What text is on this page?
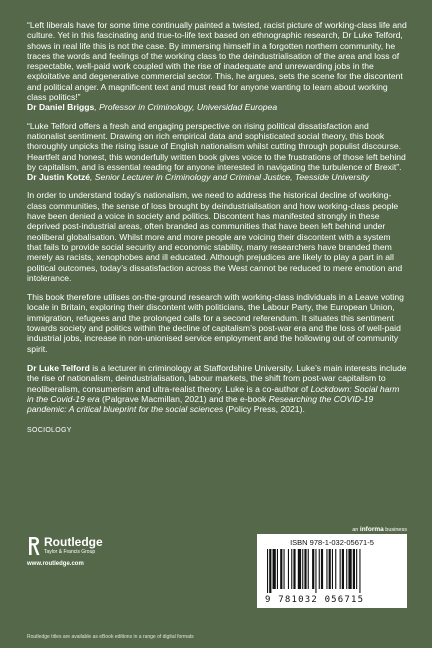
“Left liberals have for some time continually painted a twisted, racist picture of working-class life and culture. Yet in this fascinating and true-to-life text based on ethnographic research, Dr Luke Telford, shows in real life this is not the case. By immersing himself in a forgotten northern community, he traces the words and feelings of the working class to the deindustrialisation of the area and loss of respectable, well-paid work coupled with the rise of inadequate and unrewarding jobs in the exploitative and degenerative commercial sector. This, he argues, sets the scene for the discontent and political anger. A magnificent text and must read for anyone wanting to learn about working class politics!”
Dr Daniel Briggs, Professor in Criminology, Universidad Europea
“Luke Telford offers a fresh and engaging perspective on rising political dissatisfaction and nationalist sentiment. Drawing on rich empirical data and sophisticated social theory, this book thoroughly unpicks the rising issue of English nationalism whilst cutting through populist discourse. Heartfelt and honest, this wonderfully written book gives voice to the frustrations of those left behind by capitalism, and is essential reading for anyone interested in navigating the turbulence of Brexit”.
Dr Justin Kotzé, Senior Lecturer in Criminology and Criminal Justice, Teesside University

In order to understand today’s nationalism, we need to address the historical decline of working-class communities, the sense of loss brought by deindustrialisation and how working-class people have been denied a voice in society and politics. Discontent has manifested strongly in these deprived post-industrial areas, often branded as communities that have been left behind under neoliberal globalisation. Whilst more and more people are voicing their discontent with a system that fails to provide social security and economic stability, many researchers have branded them merely as racists, xenophobes and ill educated. Although prejudices are likely to play a part in all political outcomes, today’s dissatisfaction across the West cannot be reduced to mere emotion and intolerance.

This book therefore utilises on-the-ground research with working-class individuals in a Leave voting locale in Britain, exploring their discontent with politicians, the Labour Party, the European Union, immigration, refugees and the prolonged calls for a second referendum. It situates this sentiment towards society and politics within the decline of capitalism’s post-war era and the loss of well-paid industrial jobs, increase in non-unionised service employment and the hollowing out of community spirit.

Dr Luke Telford is a lecturer in criminology at Staffordshire University. Luke’s main interests include the rise of nationalism, deindustrialisation, labour markets, the shift from post-war capitalism to neoliberalism, consumerism and ultra-realist theory. Luke is a co-author of Lockdown: Social harm in the Covid-19 era (Palgrave Macmillan, 2021) and the e-book Researching the COVID-19 pandemic: A critical blueprint for the social sciences (Policy Press, 2021).

SOCIOLOGY
Routledge
Taylor & Francis Group
www.routledge.com
an informa business
ISBN 978-1-032-05671-5
9 781032 056715
Routledge titles are available as eBook editions in a range of digital formats
